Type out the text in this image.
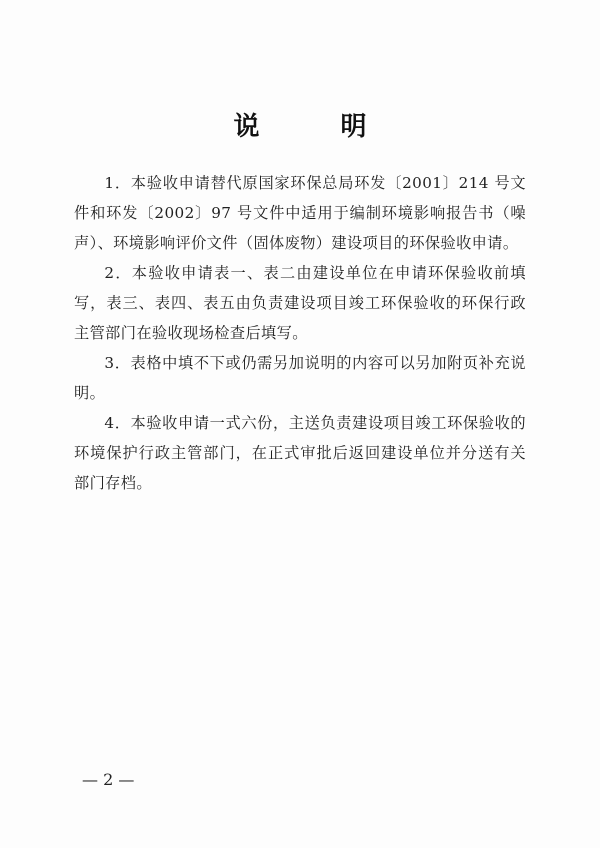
说 明

1．本验收申请替代原国家环保总局环发〔2001〕214 号文件和环发〔2002〕97 号文件中适用于编制环境影响报告书（噪声）、环境影响评价文件（固体废物）建设项目的环保验收申请。

2．本验收申请表一、表二由建设单位在申请环保验收前填写，表三、表四、表五由负责建设项目竣工环保验收的环保行政主管部门在验收现场检查后填写。

3．表格中填不下或仍需另加说明的内容可以另加附页补充说明。

4．本验收申请一式六份，主送负责建设项目竣工环保验收的环境保护行政主管部门，在正式审批后返回建设单位并分送有关部门存档。

— 2 —
